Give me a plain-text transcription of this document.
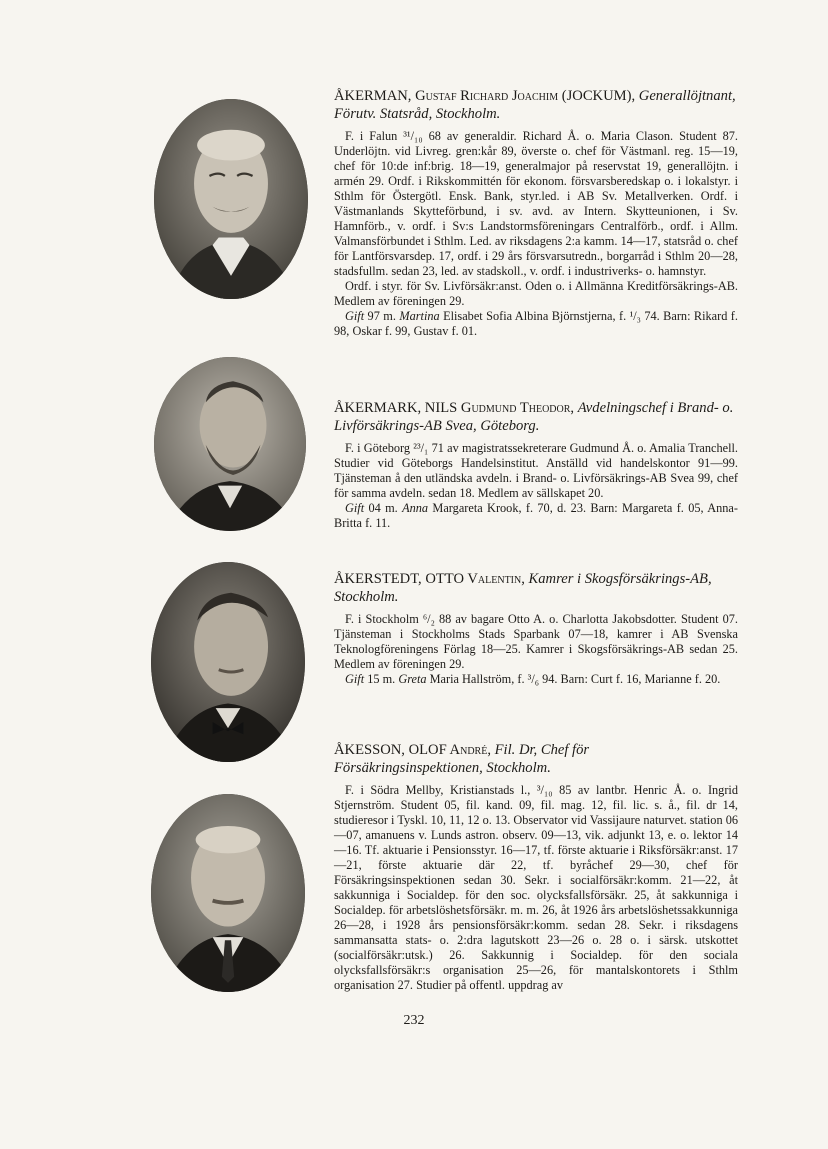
ÅKERMAN, Gustaf Richard Joachim (JOCKUM), Generallöjtnant, Förutv. Statsråd, Stockholm.

F. i Falun ³¹/₁₀ 68 av generaldir. Richard Å. o. Maria Clason. Student 87. Underlöjtn. vid Livreg. gren:kår 89, överste o. chef för Västmanl. reg. 15—19, chef för 10:de inf:brig. 18—19, generalmajor på reservstat 19, generallöjtn. i armén 29. Ordf. i Rikskommittén för ekonom. försvarsberedskap o. i lokalstyr. i Sthlm för Östergötl. Ensk. Bank, styr.led. i AB Sv. Metallverken. Ordf. i Västmanlands Skytteförbund, i sv. avd. av Intern. Skytteunionen, i Sv. Hamnförb., v. ordf. i Sv:s Landstormsföreningars Centralförb., ordf. i Allm. Valmansförbundet i Sthlm. Led. av riksdagens 2:a kamm. 14—17, statsråd o. chef för Lantförsvarsdep. 17, ordf. i 29 års försvarsutredn., borgarråd i Sthlm 20—28, stadsfullm. sedan 23, led. av stadskoll., v. ordf. i industriverks- o. hamnstyr.

Ordf. i styr. för Sv. Livförsäkr:anst. Oden o. i Allmänna Kreditförsäkrings-AB. Medlem av föreningen 29.

Gift 97 m. Martina Elisabet Sofia Albina Björnstjerna, f. ¹/₃ 74. Barn: Rikard f. 98, Oskar f. 99, Gustav f. 01.

ÅKERMARK, NILS Gudmund Theodor, Avdelningschef i Brand- o. Livförsäkrings-AB Svea, Göteborg.

F. i Göteborg ²³/₁ 71 av magistratssekreterare Gudmund Å. o. Amalia Tranchell. Studier vid Göteborgs Handelsinstitut. Anställd vid handelskontor 91—99. Tjänsteman å den utländska avdeln. i Brand- o. Livförsäkrings-AB Svea 99, chef för samma avdeln. sedan 18. Medlem av sällskapet 20.

Gift 04 m. Anna Margareta Krook, f. 70, d. 23. Barn: Margareta f. 05, Anna-Britta f. 11.

ÅKERSTEDT, OTTO Valentin, Kamrer i Skogsförsäkrings-AB, Stockholm.

F. i Stockholm ⁶/₂ 88 av bagare Otto A. o. Charlotta Jakobsdotter. Student 07. Tjänsteman i Stockholms Stads Sparbank 07—18, kamrer i AB Svenska Teknologföreningens Förlag 18—25. Kamrer i Skogsförsäkrings-AB sedan 25. Medlem av föreningen 29.

Gift 15 m. Greta Maria Hallström, f. ³/₆ 94. Barn: Curt f. 16, Marianne f. 20.

ÅKESSON, OLOF André, Fil. Dr, Chef för Försäkringsinspektionen, Stockholm.

F. i Södra Mellby, Kristianstads l., ³/₁₀ 85 av lantbr. Henric Å. o. Ingrid Stjernström. Student 05, fil. kand. 09, fil. mag. 12, fil. lic. s. å., fil. dr 14, studieresor i Tyskl. 10, 11, 12 o. 13. Observator vid Vassijaure naturvet. station 06—07, amanuens v. Lunds astron. observ. 09—13, vik. adjunkt 13, e. o. lektor 14—16. Tf. aktuarie i Pensionsstyr. 16—17, tf. förste aktuarie i Riksförsäkr:anst. 17—21, förste aktuarie där 22, tf. byråchef 29—30, chef för Försäkringsinspektionen sedan 30. Sekr. i socialförsäkr:komm. 21—22, åt sakkunniga i Socialdep. för den soc. olycksfallsförsäkr. 25, åt sakkunniga i Socialdep. för arbetslöshetsförsäkr. m. m. 26, åt 1926 års arbetslöshetssakkunniga 26—28, i 1928 års pensionsförsäkr:komm. sedan 28. Sekr. i riksdagens sammansatta stats- o. 2:dra lagutskott 23—26 o. 28 o. i särsk. utskottet (socialförsäkr:utsk.) 26. Sakkunnig i Socialdep. för den sociala olycksfallsförsäkr:s organisation 25—26, för mantalskontorets i Sthlm organisation 27. Studier på offentl. uppdrag av

232
